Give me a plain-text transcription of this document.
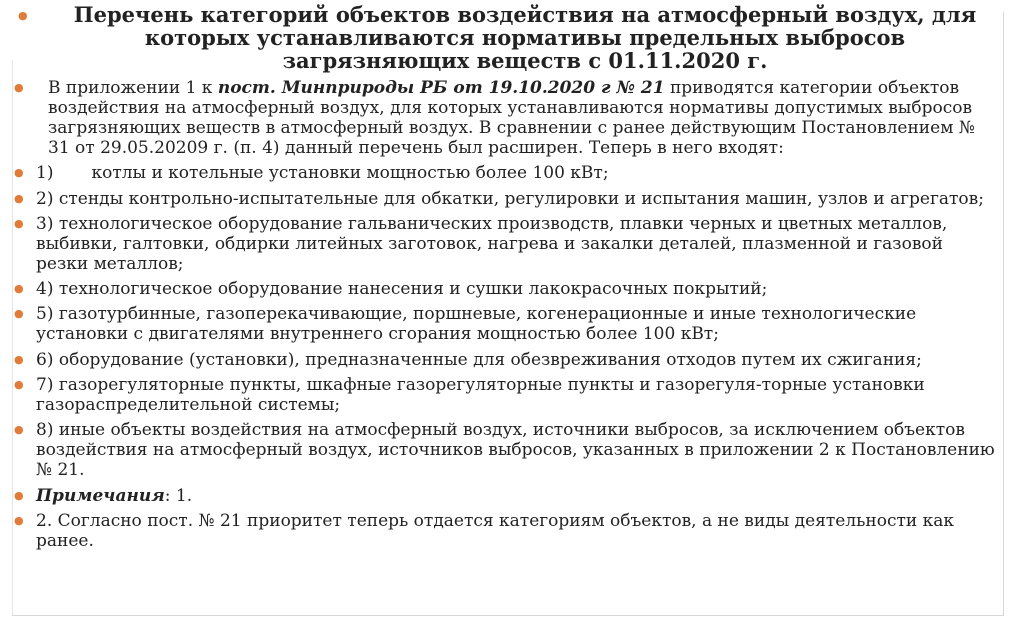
●	Перечень категорий объектов воздействия на атмосферный воздух, для которых устанавливаются нормативы предельных выбросов загрязняющих веществ с 01.11.2020 г.
●	В приложении 1 к пост. Минприроды РБ от 19.10.2020 г № 21 приводятся категории объектов воздействия на атмосферный воздух, для которых устанавливаются нормативы допустимых выбросов загрязняющих веществ в атмосферный воздух. В сравнении с ранее действующим Постановлением № 31 от 29.05.20209 г. (п. 4) данный перечень был расширен. Теперь в него входят:
● 1) котлы и котельные установки мощностью более 100 кВт;
● 2) стенды контрольно-испытательные для обкатки, регулировки и испытания машин, узлов и агрегатов;
● 3) технологическое оборудование гальванических производств, плавки черных и цветных металлов, выбивки, галтовки, обдирки литейных заготовок, нагрева и закалки деталей, плазменной и газовой резки металлов;
● 4) технологическое оборудование нанесения и сушки лакокрасочных покрытий;
● 5) газотурбинные, газоперекачивающие, поршневые, когенерационные и иные технологические установки с двигателями внутреннего сгорания мощностью более 100 кВт;
● 6) оборудование (установки), предназначенные для обезвреживания отходов путем их сжигания;
● 7) газорегуляторные пункты, шкафные газорегуляторные пункты и газорегуля-торные установки газораспределительной системы;
● 8) иные объекты воздействия на атмосферный воздух, источники выбросов, за исключением объектов воздействия на атмосферный воздух, источников выбросов, указанных в приложении 2 к Постановлению № 21.
● Примечания: 1.
● 2. Согласно пост. № 21 приоритет теперь отдается категориям объектов, а не виды деятельности как ранее.
